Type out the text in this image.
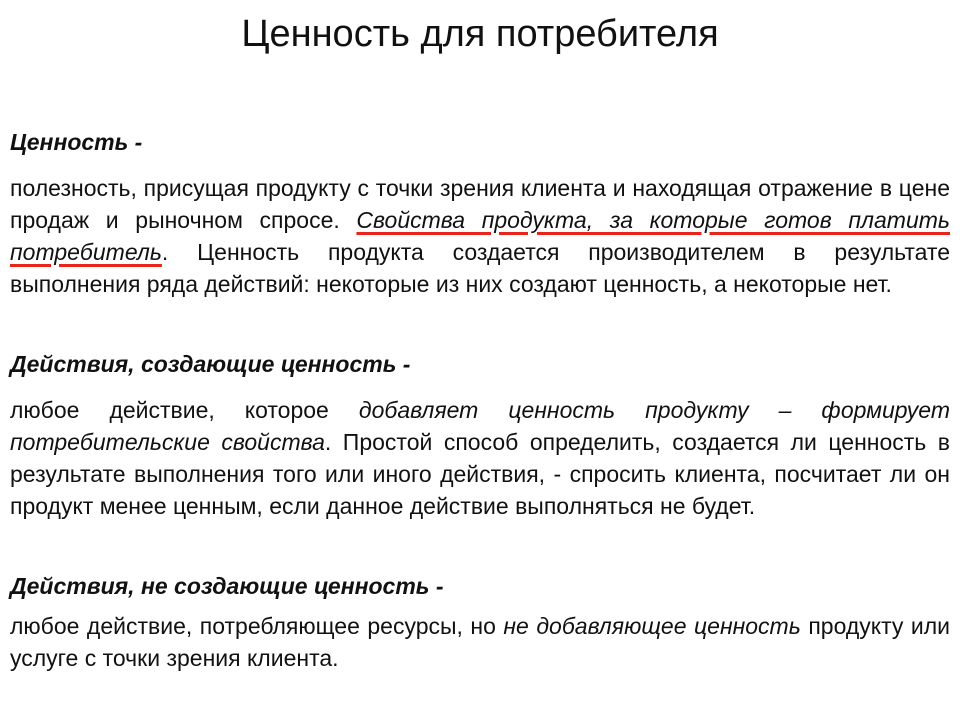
Ценность для потребителя

Ценность -

полезность, присущая продукту с точки зрения клиента и находящая отражение в цене продаж и рыночном спросе. Свойства продукта, за которые готов платить потребитель. Ценность продукта создается производителем в результате выполнения ряда действий: некоторые из них создают ценность, а некоторые нет.

Действия, создающие ценность -

любое действие, которое добавляет ценность продукту – формирует потребительские свойства. Простой способ определить, создается ли ценность в результате выполнения того или иного действия, - спросить клиента, посчитает ли он продукт менее ценным, если данное действие выполняться не будет.

Действия, не создающие ценность -

любое действие, потребляющее ресурсы, но не добавляющее ценность продукту или услуге с точки зрения клиента.
